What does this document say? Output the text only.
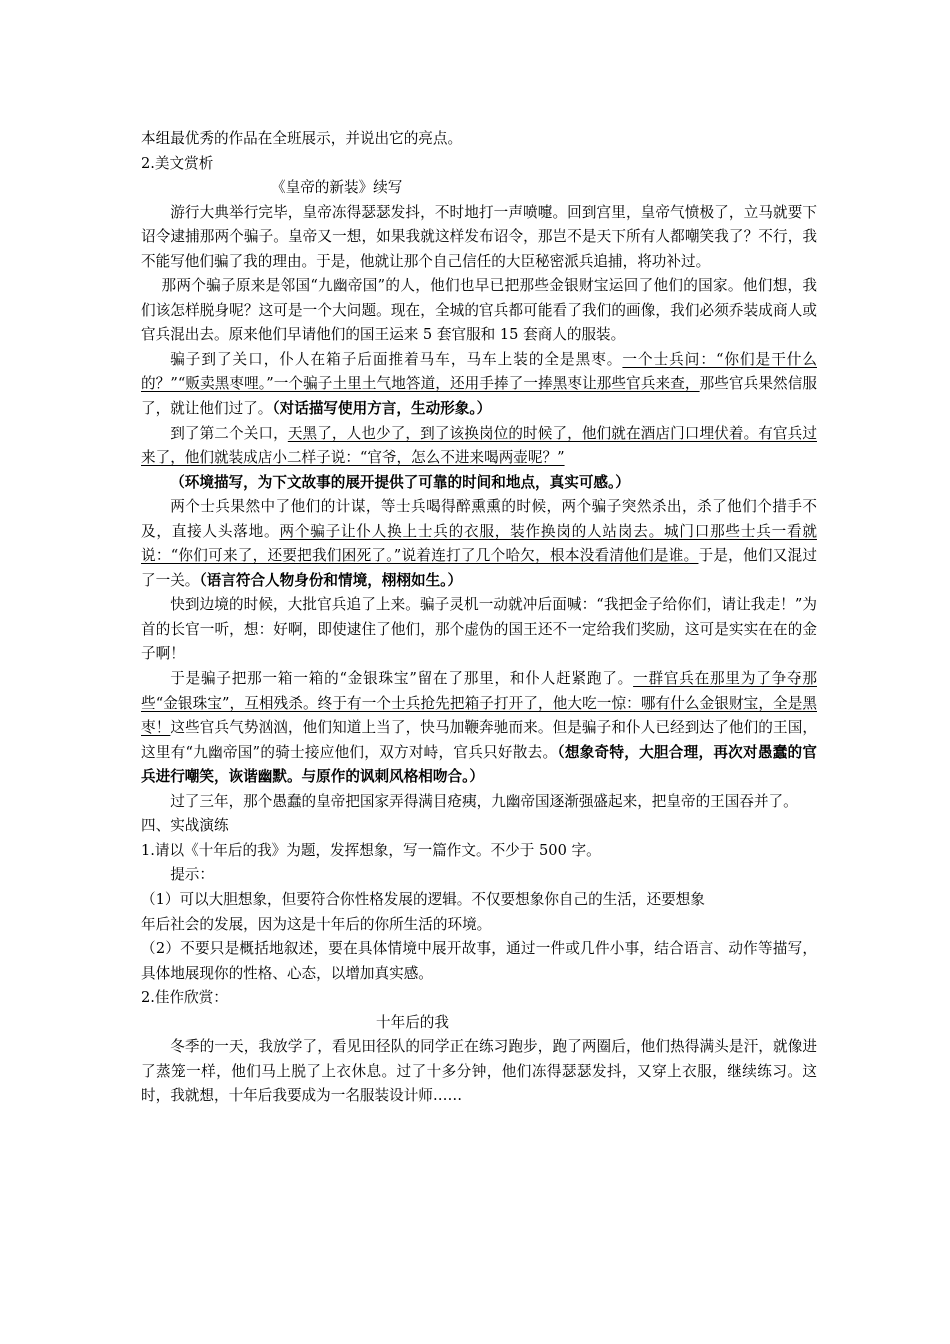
本组最优秀的作品在全班展示，并说出它的亮点。

2.美文赏析

《皇帝的新装》续写

游行大典举行完毕，皇帝冻得瑟瑟发抖，不时地打一声喷嚏。回到宫里，皇帝气愤极了，立马就要下诏令逮捕那两个骗子。皇帝又一想，如果我就这样发布诏令，那岂不是天下所有人都嘲笑我了？不行，我不能写他们骗了我的理由。于是，他就让那个自己信任的大臣秘密派兵追捕，将功补过。

那两个骗子原来是邻国“九幽帝国”的人，他们也早已把那些金银财宝运回了他们的国家。他们想，我们该怎样脱身呢？这可是一个大问题。现在，全城的官兵都可能看了我们的画像，我们必须乔装成商人或官兵混出去。原来他们早请他们的国王运来 5 套官服和 15 套商人的服装。

骗子到了关口，仆人在箱子后面推着马车，马车上装的全是黑枣。一个士兵问：“你们是干什么的？”“贩卖黑枣哩。”一个骗子土里土气地答道，还用手捧了一捧黑枣让那些官兵来查，那些官兵果然信服了，就让他们过了。（对话描写使用方言，生动形象。）

到了第二个关口，天黑了，人也少了，到了该换岗位的时候了，他们就在酒店门口埋伏着。有官兵过来了，他们就装成店小二样子说：“官爷，怎么不进来喝两壶呢？”

（环境描写，为下文故事的展开提供了可靠的时间和地点，真实可感。）

两个士兵果然中了他们的计谋，等士兵喝得醉熏熏的时候，两个骗子突然杀出，杀了他们个措手不及，直接人头落地。两个骗子让仆人换上士兵的衣服，装作换岗的人站岗去。城门口那些士兵一看就说：“你们可来了，还要把我们困死了。”说着连打了几个哈欠，根本没看清他们是谁。于是，他们又混过了一关。（语言符合人物身份和情境，栩栩如生。）

快到边境的时候，大批官兵追了上来。骗子灵机一动就冲后面喊：“我把金子给你们，请让我走！”为首的长官一听，想：好啊，即使逮住了他们，那个虚伪的国王还不一定给我们奖励，这可是实实在在的金子啊！

于是骗子把那一箱一箱的“金银珠宝”留在了那里，和仆人赶紧跑了。一群官兵在那里为了争夺那些“金银珠宝”，互相残杀。终于有一个士兵抢先把箱子打开了，他大吃一惊：哪有什么金银财宝，全是黑枣！这些官兵气势汹汹，他们知道上当了，快马加鞭奔驰而来。但是骗子和仆人已经到达了他们的王国，这里有“九幽帝国”的骑士接应他们，双方对峙，官兵只好散去。（想象奇特，大胆合理，再次对愚蠢的官兵进行嘲笑，诙谐幽默。与原作的讽刺风格相吻合。）

过了三年，那个愚蠢的皇帝把国家弄得满目疮痍，九幽帝国逐渐强盛起来，把皇帝的王国吞并了。

四、实战演练

1.请以《十年后的我》为题，发挥想象，写一篇作文。不少于 500 字。

提示：

（1）可以大胆想象，但要符合你性格发展的逻辑。不仅要想象你自己的生活，还要想象

年后社会的发展，因为这是十年后的你所生活的环境。

（2）不要只是概括地叙述，要在具体情境中展开故事，通过一件或几件小事，结合语言、动作等描写，具体地展现你的性格、心态，以增加真实感。

2.佳作欣赏：

十年后的我

冬季的一天，我放学了，看见田径队的同学正在练习跑步，跑了两圈后，他们热得满头是汗，就像进了蒸笼一样，他们马上脱了上衣休息。过了十多分钟，他们冻得瑟瑟发抖，又穿上衣服，继续练习。这时，我就想，十年后我要成为一名服装设计师……
